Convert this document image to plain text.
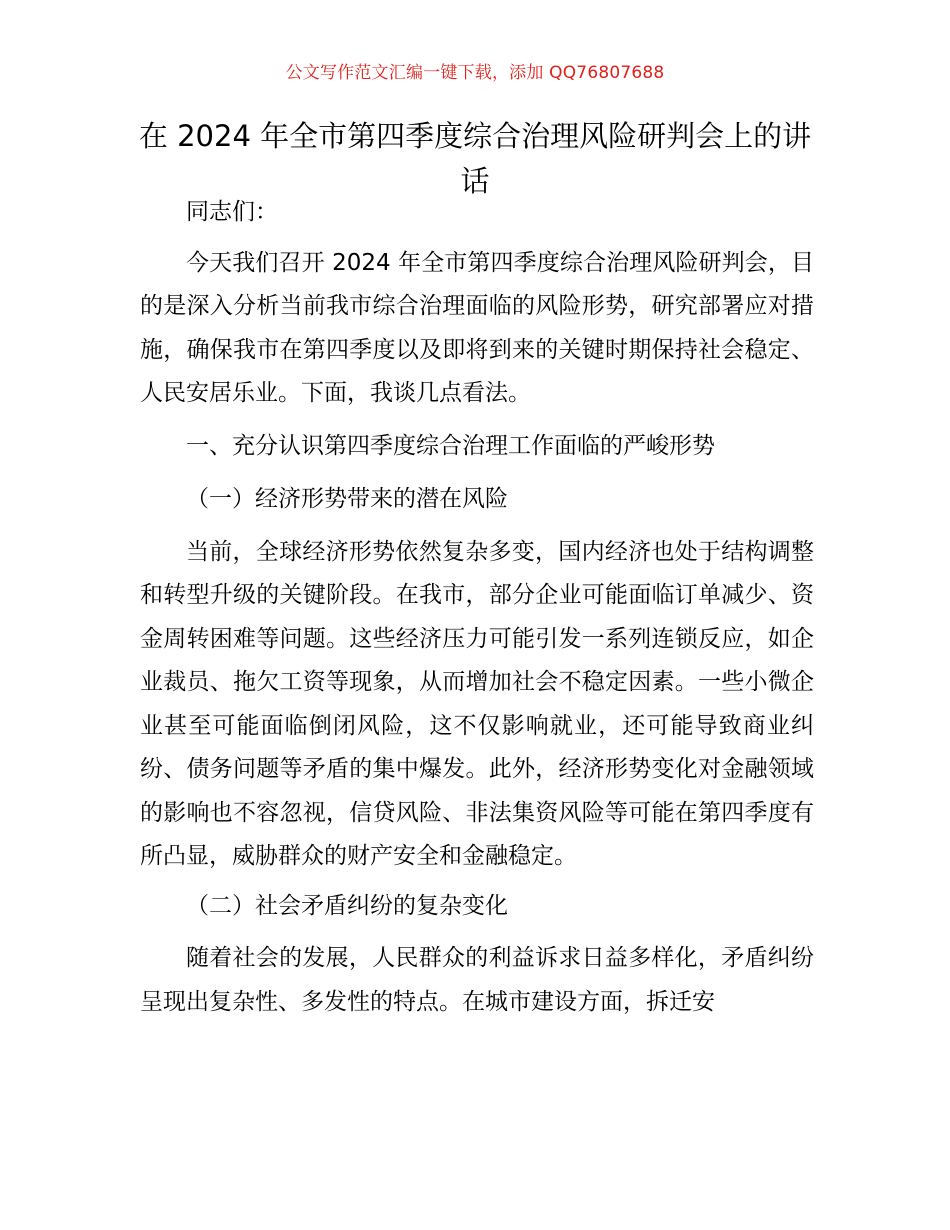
公文写作范文汇编一键下载，添加 QQ76807688
在 2024 年全市第四季度综合治理风险研判会上的讲话

同志们：

今天我们召开 2024 年全市第四季度综合治理风险研判会，目的是深入分析当前我市综合治理面临的风险形势，研究部署应对措施，确保我市在第四季度以及即将到来的关键时期保持社会稳定、人民安居乐业。下面，我谈几点看法。

一、充分认识第四季度综合治理工作面临的严峻形势

（一）经济形势带来的潜在风险

当前，全球经济形势依然复杂多变，国内经济也处于结构调整和转型升级的关键阶段。在我市，部分企业可能面临订单减少、资金周转困难等问题。这些经济压力可能引发一系列连锁反应，如企业裁员、拖欠工资等现象，从而增加社会不稳定因素。一些小微企业甚至可能面临倒闭风险，这不仅影响就业，还可能导致商业纠纷、债务问题等矛盾的集中爆发。此外，经济形势变化对金融领域的影响也不容忽视，信贷风险、非法集资风险等可能在第四季度有所凸显，威胁群众的财产安全和金融稳定。

（二）社会矛盾纠纷的复杂变化

随着社会的发展，人民群众的利益诉求日益多样化，矛盾纠纷呈现出复杂性、多发性的特点。在城市建设方面，拆迁安
